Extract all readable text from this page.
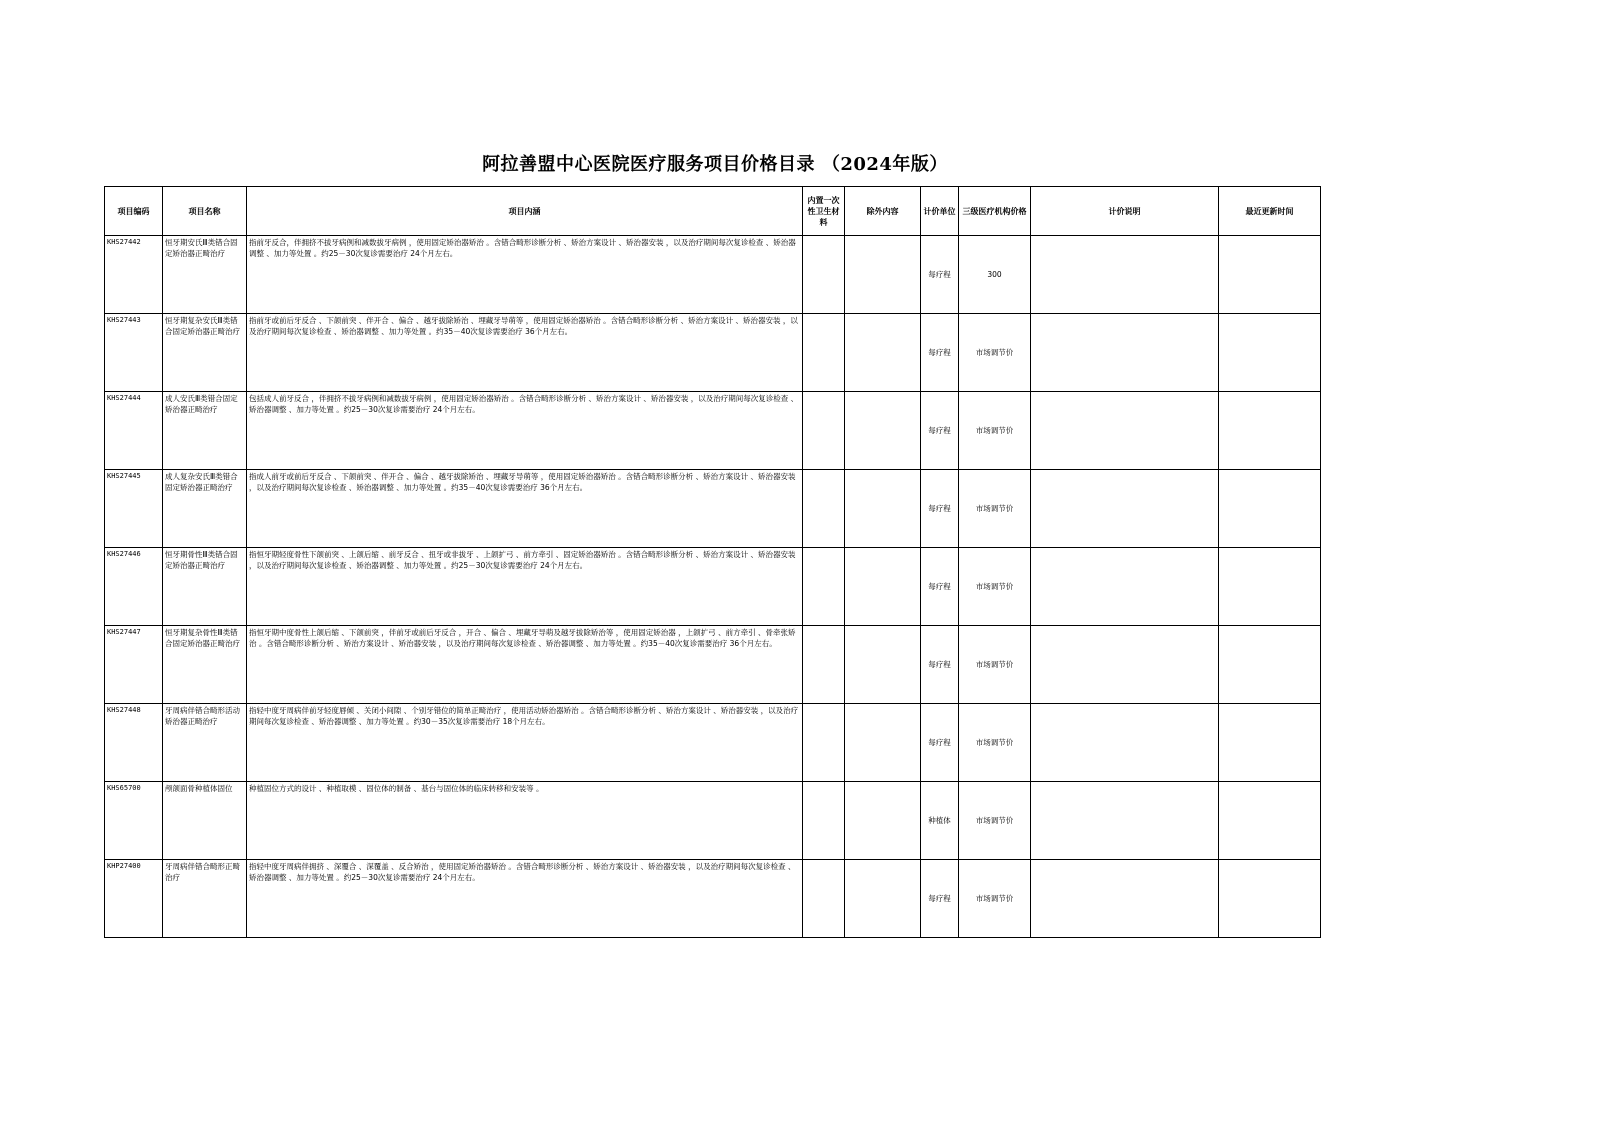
阿拉善盟中心医院医疗服务项目价格目录 （2024年版）
项目编码	项目名称	项目内涵	内置一次性卫生材料	除外内容	计价单位	三级医疗机构价格	计价说明	最近更新时间
KHS27442	恒牙期安氏Ⅲ类错合固定矫治器正畸治疗	指前牙反合，伴拥挤不拔牙病例和减数拔牙病例 ，使用固定矫治器矫治 。含错合畸形诊断分析 、矫治方案设计 、矫治器安装 ，以及治疗期间每次复诊检查 、矫治器调整 、加力等处置 。约25－30次复诊需要治疗 24个月左右。			每疗程	300		
KHS27443	恒牙期复杂安氏Ⅲ类错合固定矫治器正畸治疗	指前牙或前后牙反合 、下颌前突 、伴开合 、偏合 、越牙拔除矫治 、埋藏牙导萌等 ，使用固定矫治器矫治 。含错合畸形诊断分析 、矫治方案设计 、矫治器安装 ，以及治疗期间每次复诊检查 、矫治器调整 、加力等处置 。约35－40次复诊需要治疗 36个月左右。			每疗程	市场调节价		
KHS27444	成人安氏Ⅲ类错合固定矫治器正畸治疗	包括成人前牙反合 ，伴拥挤不拔牙病例和减数拔牙病例 ，使用固定矫治器矫治 。含错合畸形诊断分析 、矫治方案设计 、矫治器安装 ，以及治疗期间每次复诊检查 、矫治器调整 、加力等处置 。约25－30次复诊需要治疗 24个月左右。			每疗程	市场调节价		
KHS27445	成人复杂安氏Ⅲ类错合固定矫治器正畸治疗	指成人前牙或前后牙反合 、下颌前突 、伴开合 、偏合 、越牙拔除矫治 、埋藏牙导萌等 ，使用固定矫治器矫治 。含错合畸形诊断分析 、矫治方案设计 、矫治器安装 ，以及治疗期间每次复诊检查 、矫治器调整 、加力等处置 。约35－40次复诊需要治疗 36个月左右。			每疗程	市场调节价		
KHS27446	恒牙期骨性Ⅲ类错合固定矫治器正畸治疗	指恒牙期轻度骨性下颌前突 、上颌后缩 、前牙反合 、扭牙或非拔牙 、上颌扩弓 、前方牵引 、固定矫治器矫治 。含错合畸形诊断分析 、矫治方案设计 、矫治器安装 ，以及治疗期间每次复诊检查 、矫治器调整 、加力等处置 。约25－30次复诊需要治疗 24个月左右。			每疗程	市场调节价		
KHS27447	恒牙期复杂骨性Ⅲ类错合固定矫治器正畸治疗	指恒牙期中度骨性上颌后缩 、下颌前突 ，伴前牙或前后牙反合 ，开合 、偏合 、埋藏牙导萌及越牙拔除矫治等 ，使用固定矫治器 ，上颌扩弓 、前方牵引 、骨牵张矫治 。含错合畸形诊断分析 、矫治方案设计 、矫治器安装 ，以及治疗期间每次复诊检查 、矫治器调整 、加力等处置 。约35－40次复诊需要治疗 36个月左右。			每疗程	市场调节价		
KHS27448	牙周病伴错合畸形活动矫治器正畸治疗	指轻中度牙周病伴前牙轻度唇倾 、关闭小间隙 、个别牙错位的简单正畸治疗 ，使用活动矫治器矫治 。含错合畸形诊断分析 、矫治方案设计 、矫治器安装 ，以及治疗期间每次复诊检查 、矫治器调整 、加力等处置 。约30－35次复诊需要治疗 18个月左右。			每疗程	市场调节价		
KHS65700	颅颌面骨种植体固位	种植固位方式的设计 、种植取模 、固位体的制备 、基台与固位体的临床转移和安装等 。			种植体	市场调节价		
KHP27400	牙周病伴错合畸形正畸治疗	指轻中度牙周病伴拥挤 、深覆合 、深覆盖 、反合矫治 ，使用固定矫治器矫治 。含错合畸形诊断分析 、矫治方案设计 、矫治器安装 ，以及治疗期间每次复诊检查 、矫治器调整 、加力等处置 。约25－30次复诊需要治疗 24个月左右。			每疗程	市场调节价		
